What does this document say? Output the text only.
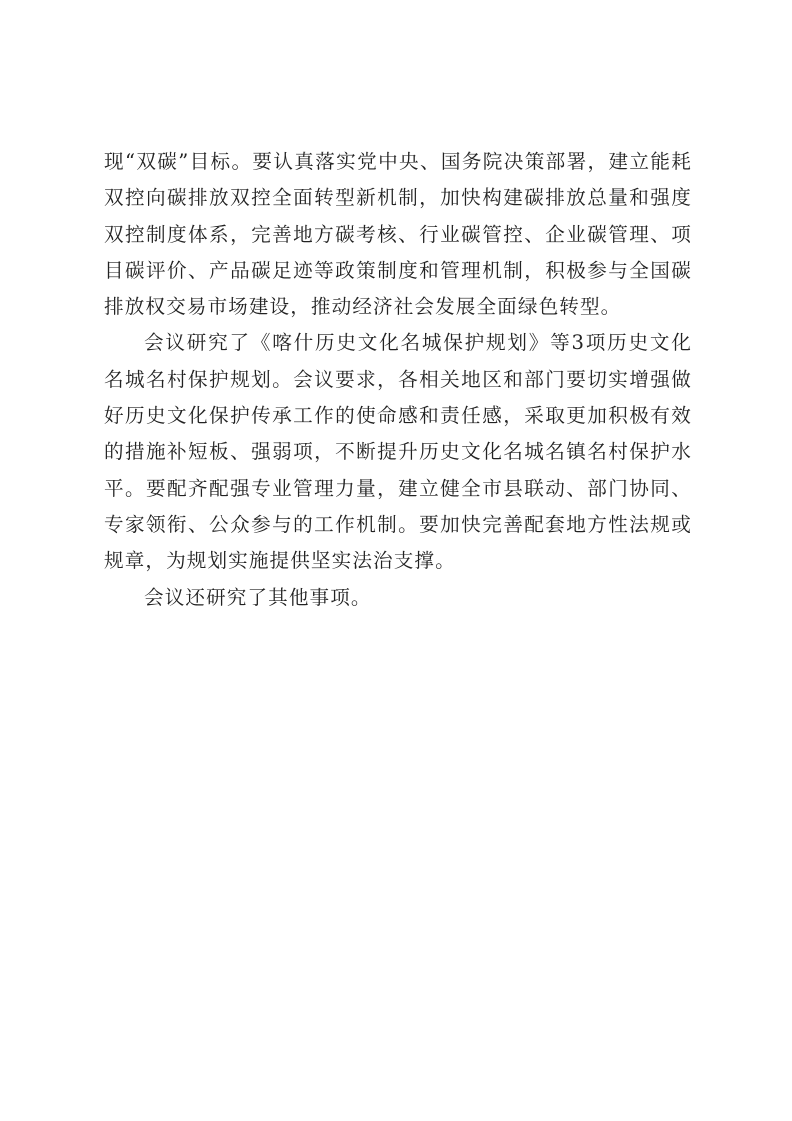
现“双碳”目标。要认真落实党中央、国务院决策部署，建立能耗双控向碳排放双控全面转型新机制，加快构建碳排放总量和强度双控制度体系，完善地方碳考核、行业碳管控、企业碳管理、项目碳评价、产品碳足迹等政策制度和管理机制，积极参与全国碳排放权交易市场建设，推动经济社会发展全面绿色转型。

会议研究了《喀什历史文化名城保护规划》等3项历史文化名城名村保护规划。会议要求，各相关地区和部门要切实增强做好历史文化保护传承工作的使命感和责任感，采取更加积极有效的措施补短板、强弱项，不断提升历史文化名城名镇名村保护水平。要配齐配强专业管理力量，建立健全市县联动、部门协同、专家领衔、公众参与的工作机制。要加快完善配套地方性法规或规章，为规划实施提供坚实法治支撑。

会议还研究了其他事项。
